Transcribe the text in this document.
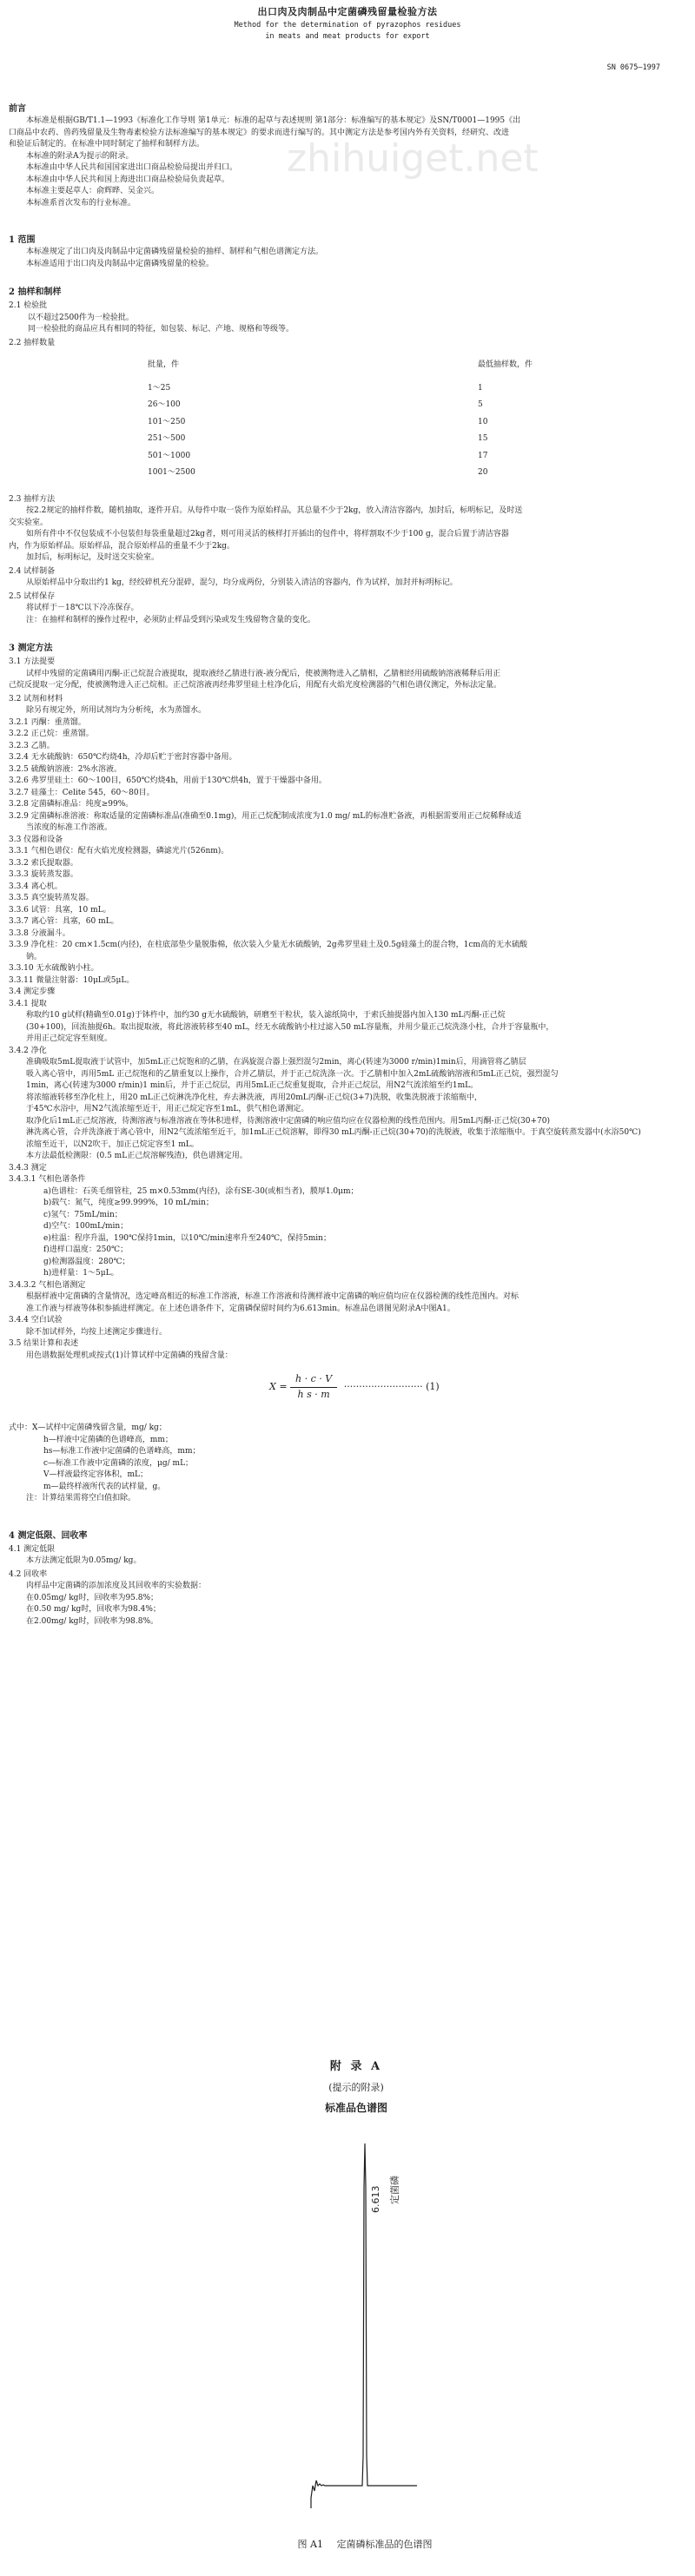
zhihuiget.net
出口肉及肉制品中定菌磷残留量检验方法
Method for the determination of pyrazophos residues
in meats and meat products for export
SN 0675—1997
前言

本标准是根据GB/T1.1—1993《标准化工作导则 第1单元：标准的起草与表述规则 第1部分：标准编写的基本规定》及SN/T0001—1995《出

口商品中农药、兽药残留量及生物毒素检验方法标准编写的基本规定》的要求而进行编写的。其中测定方法是参考国内外有关资料，经研究、改进

和验证后制定的。在标准中同时制定了抽样和制样方法。

本标准的附录A为提示的附录。

本标准由中华人民共和国国家进出口商品检验局提出并归口。

本标准由中华人民共和国上海进出口商品检验局负责起草。

本标准主要起草人：俞辉晔、吴金兴。

本标准系首次发布的行业标准。

1 范围

本标准规定了出口肉及肉制品中定菌磷残留量检验的抽样、制样和气相色谱测定方法。

本标准适用于出口肉及肉制品中定菌磷残留量的检验。

2 抽样和制样

2.1 检验批

以不超过2500件为一检验批。

同一检验批的商品应具有相同的特征，如包装、标记、产地、规格和等级等。

2.2 抽样数量

批量，件	最低抽样数，件
1～25	1
26～100	5
101～250	10
251～500	15
501～1000	17
1001～2500	20

2.3 抽样方法

按2.2规定的抽样件数，随机抽取，逐件开启。从每件中取一袋作为原始样品，其总量不少于2kg，放入清洁容器内，加封后，标明标记，及时送

交实验室。

如所有件中不仅包装成不小包装但每袋重量超过2kg者，则可用灵活的核样打开插出的包件中，将样割取不少于100 g，混合后置于清洁容器

内，作为原始样品。原始样品，混合原始样品的重量不少于2kg。

加封后，标明标记，及时送交实验室。

2.4 试样制备

从原始样品中分取出约1 kg，经绞碎机充分混碎，混匀，均分成两份，分别装入清洁的容器内，作为试样，加封并标明标记。

2.5 试样保存

将试样于－18℃以下冷冻保存。

注：在抽样和制样的操作过程中，必须防止样品受到污染或发生残留物含量的变化。

3 测定方法

3.1 方法提要

试样中残留的定菌磷用丙酮-正己烷混合液提取，提取液经乙腈进行液-液分配后，使被测物进入乙腈相，乙腈相经用硫酸钠溶液稀释后用正

己烷反提取一定分配，使被测物进入正己烷相。正己烷溶液再经弗罗里硅土柱净化后，用配有火焰光度检测器的气相色谱仪测定，外标法定量。

3.2 试剂和材料

除另有规定外，所用试剂均为分析纯，水为蒸馏水。

3.2.1 丙酮：重蒸馏。

3.2.2 正己烷：重蒸馏。

3.2.3 乙腈。

3.2.4 无水硫酸钠：650℃灼烧4h，冷却后贮于密封容器中备用。

3.2.5 硫酸钠溶液：2%水溶液。

3.2.6 弗罗里硅土：60～100目，650℃灼烧4h，用前于130℃烘4h，置于干燥器中备用。

3.2.7 硅藻土：Celite 545，60～80目。

3.2.8 定菌磷标准品：纯度≥99%。

3.2.9 定菌磷标准溶液：称取适量的定菌磷标准品(准确至0.1mg)，用正己烷配制成浓度为1.0 mg/ mL的标准贮备液，再根据需要用正己烷稀释成适

当浓度的标准工作溶液。

3.3 仪器和设备

3.3.1 气相色谱仪：配有火焰光度检测器，磷滤光片(526nm)。

3.3.2 索氏提取器。

3.3.3 旋转蒸发器。

3.3.4 离心机。

3.3.5 真空旋转蒸发器。

3.3.6 试管：具塞，10 mL。

3.3.7 离心管：具塞，60 mL。

3.3.8 分液漏斗。

3.3.9 净化柱：20 cm×1.5cm(内径)，在柱底部垫少量脱脂棉，依次装入少量无水硫酸钠，2g弗罗里硅土及0.5g硅藻土的混合物，1cm高的无水硫酸

钠。

3.3.10 无水硫酸钠小柱。

3.3.11 微量注射器：10μL或5μL。

3.4 测定步骤

3.4.1 提取

称取约10 g试样(精确至0.01g)于钵杵中，加约30 g无水硫酸钠，研磨至干粒状，装入滤纸筒中，于索氏抽提器内加入130 mL丙酮-正己烷

(30+100)，回流抽提6h。取出提取液，将此溶液转移至40 mL，经无水硫酸钠小柱过滤入50 mL容量瓶，并用少量正己烷洗涤小柱，合并于容量瓶中，

并用正己烷定容至刻度。

3.4.2 净化

准确吸取5mL提取液于试管中，加5mL正己烷饱和的乙腈，在涡旋混合器上强烈混匀2min，离心(转速为3000 r/min)1min后，用滴管将乙腈层

吸入离心管中，再用5mL 正己烷饱和的乙腈重复以上操作，合并乙腈层，并于正己烷洗涤一次。于乙腈相中加入2mL硫酸钠溶液和5mL正己烷，强烈混匀

1min，离心(转速为3000 r/min)1 min后，并于正己烷层，再用5mL正己烷重复提取，合并正己烷层，用N2气流浓缩至约1mL。

将浓缩液转移至净化柱上，用20 mL正己烷淋洗净化柱，弃去淋洗液，再用20mL丙酮-正己烷(3+7)洗脱，收集洗脱液于浓缩瓶中，

于45℃水浴中，用N2气流浓缩至近干，用正己烷定容至1mL，供气相色谱测定。

取净化后1mL正己烷溶液，待测溶液与标准溶液在等体积进样，待测溶液中定菌磷的响应值均应在仪器检测的线性范围内。用5mL丙酮-正己烷(30+70)

淋洗离心管，合并洗涤液于离心管中，用N2气流浓缩至近干，加1mL正己烷溶解，即得30 mL丙酮-正己烷(30+70)的洗脱液，收集于浓缩瓶中。于真空旋转蒸发器中(水浴50℃)

浓缩至近干，以N2吹干，加正己烷定容至1 mL。

本方法最低检测限：(0.5 mL正己烷溶解残渣)，供色谱测定用。

3.4.3 测定

3.4.3.1 气相色谱条件

a)色谱柱：石英毛细管柱，25 m×0.53mm(内径)，涂有SE-30(或相当者)，膜厚1.0μm；

b)载气：氮气，纯度≥99.999%，10 mL/min；

c)氢气：75mL/min；

d)空气：100mL/min；

e)柱温：程序升温，190℃保持1min，以10℃/min速率升至240℃，保持5min；

f)进样口温度：250℃；

g)检测器温度：280℃；

h)进样量：1～5μL。

3.4.3.2 气相色谱测定

根据样液中定菌磷的含量情况，选定峰高相近的标准工作溶液，标准工作溶液和待测样液中定菌磷的响应值均应在仪器检测的线性范围内。对标

准工作液与样液等体积参插进样测定。在上述色谱条件下，定菌磷保留时间约为6.613min。标准品色谱图见附录A中图A1。

3.4.4 空白试验

除不加试样外，均按上述测定步骤进行。

3.5 结果计算和表述

用色谱数据处理机或按式(1)计算试样中定菌磷的残留含量：

$X = \frac{h \cdot c \cdot V}{\text{h s · m}}$ ·························· (1)

式中：X—试样中定菌磷残留含量，mg/ kg；

h—样液中定菌磷的色谱峰高，mm；

hs—标准工作液中定菌磷的色谱峰高，mm；

c—标准工作液中定菌磷的浓度，μg/ mL；

V—样液最终定容体积，mL；

m—最终样液所代表的试样量，g。

注：计算结果需将空白值扣除。

4 测定低限、回收率

4.1 测定低限

本方法测定低限为0.05mg/ kg。

4.2 回收率

肉样品中定菌磷的添加浓度及其回收率的实验数据：

在0.05mg/ kg时，回收率为95.8%；

在0.50 mg/ kg时，回收率为98.4%；

在2.00mg/ kg时，回收率为98.8%。

附 录 A
(提示的附录)
标准品色谱图
6.613 定菌磷
图 A1 定菌磷标准品的色谱图
